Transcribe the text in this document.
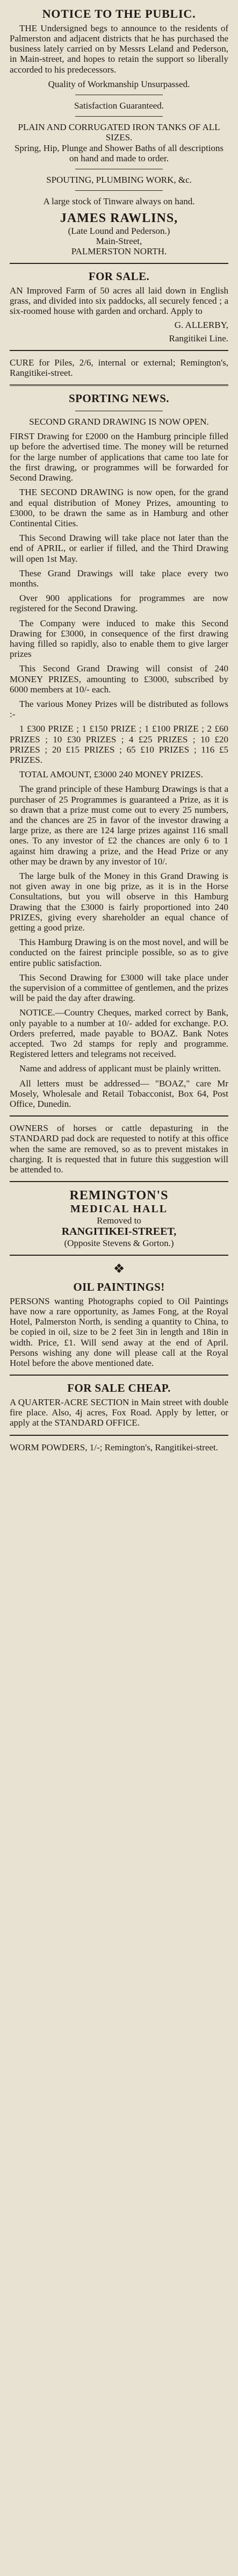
NOTICE TO THE PUBLIC.

THE Undersigned begs to announce to the residents of Palmerston and adjacent districts that he has purchased the business lately carried on by Messrs Leland and Pederson, in Main-street, and hopes to retain the support so liberally accorded to his predecessors.

Quality of Workmanship Unsurpassed.

Satisfaction Guaranteed.

PLAIN AND CORRUGATED IRON TANKS OF ALL SIZES.

Spring, Hip, Plunge and Shower Baths of all descriptions on hand and made to order.

SPOUTING, PLUMBING WORK, &c.

A large stock of Tinware always on hand.

JAMES RAWLINS,

(Late Lound and Pederson.)

Main-Street,

PALMERSTON NORTH.

FOR SALE.

AN Improved Farm of 50 acres all laid down in English grass, and divided into six paddocks, all securely fenced ; a six-roomed house with garden and orchard. Apply to

G. ALLERBY,

Rangitikei Line.

CURE for Piles, 2/6, internal or external; Remington's, Rangitikei-street.

SPORTING NEWS.

SECOND GRAND DRAWING IS NOW OPEN.

FIRST Drawing for £2000 on the Hamburg principle filled up before the advertised time. The money will be returned for the large number of applications that came too late for the first drawing, or programmes will be forwarded for Second Drawing.

THE SECOND DRAWING is now open, for the grand and equal distribution of Money Prizes, amounting to £3000, to be drawn the same as in Hamburg and other Continental Cities.

This Second Drawing will take place not later than the end of APRIL, or earlier if filled, and the Third Drawing will open 1st May.

These Grand Drawings will take place every two months.

Over 900 applications for programmes are now registered for the Second Drawing.

The Company were induced to make this Second Drawing for £3000, in consequence of the first drawing having filled so rapidly, also to enable them to give larger prizes

This Second Grand Drawing will consist of 240 MONEY PRIZES, amounting to £3000, subscribed by 6000 members at 10/- each.

The various Money Prizes will be distributed as follows :-

1 £300 PRIZE ; 1 £150 PRIZE ; 1 £100 PRIZE ; 2 £60 PRIZES ; 10 £30 PRIZES ; 4 £25 PRIZES ; 10 £20 PRIZES ; 20 £15 PRIZES ; 65 £10 PRIZES ; 116 £5 PRIZES.

TOTAL AMOUNT, £3000 240 MONEY PRIZES.

The grand principle of these Hamburg Drawings is that a purchaser of 25 Programmes is guaranteed a Prize, as it is so drawn that a prize must come out to every 25 numbers, and the chances are 25 in favor of the investor drawing a large prize, as there are 124 large prizes against 116 small ones. To any investor of £2 the chances are only 6 to 1 against him drawing a prize, and the Head Prize or any other may be drawn by any investor of 10/.

The large bulk of the Money in this Grand Drawing is not given away in one big prize, as it is in the Horse Consultations, but you will observe in this Hamburg Drawing that the £3000 is fairly proportioned into 240 PRIZES, giving every shareholder an equal chance of getting a good prize.

This Hamburg Drawing is on the most novel, and will be conducted on the fairest principle possible, so as to give entire public satisfaction.

This Second Drawing for £3000 will take place under the supervision of a committee of gentlemen, and the prizes will be paid the day after drawing.

NOTICE.—Country Cheques, marked correct by Bank, only payable to a number at 10/- added for exchange. P.O. Orders preferred, made payable to BOAZ. Bank Notes accepted. Two 2d stamps for reply and programme. Registered letters and telegrams not received.

Name and address of applicant must be plainly written.

All letters must be addressed— "BOAZ," care Mr Mosely, Wholesale and Retail Tobacconist, Box 64, Post Office, Dunedin.

OWNERS of horses or cattle depasturing in the STANDARD pad dock are requested to notify at this office when the same are removed, so as to prevent mistakes in charging. It is requested that in future this suggestion will be attended to.

REMINGTON'S

MEDICAL HALL

Removed to

RANGITIKEI-STREET,

(Opposite Stevens & Gorton.)

❖
OIL PAINTINGS!

PERSONS wanting Photographs copied to Oil Paintings have now a rare opportunity, as James Fong, at the Royal Hotel, Palmerston North, is sending a quantity to China, to be copied in oil, size to be 2 feet 3in in length and 18in in width. Price, £1. Will send away at the end of April. Persons wishing any done will please call at the Royal Hotel before the above mentioned date.

FOR SALE CHEAP.

A QUARTER-ACRE SECTION in Main street with double fire place. Also, 4j acres, Fox Road. Apply by letter, or apply at the STANDARD OFFICE.

WORM POWDERS, 1/-; Remington's, Rangitikei-street.
